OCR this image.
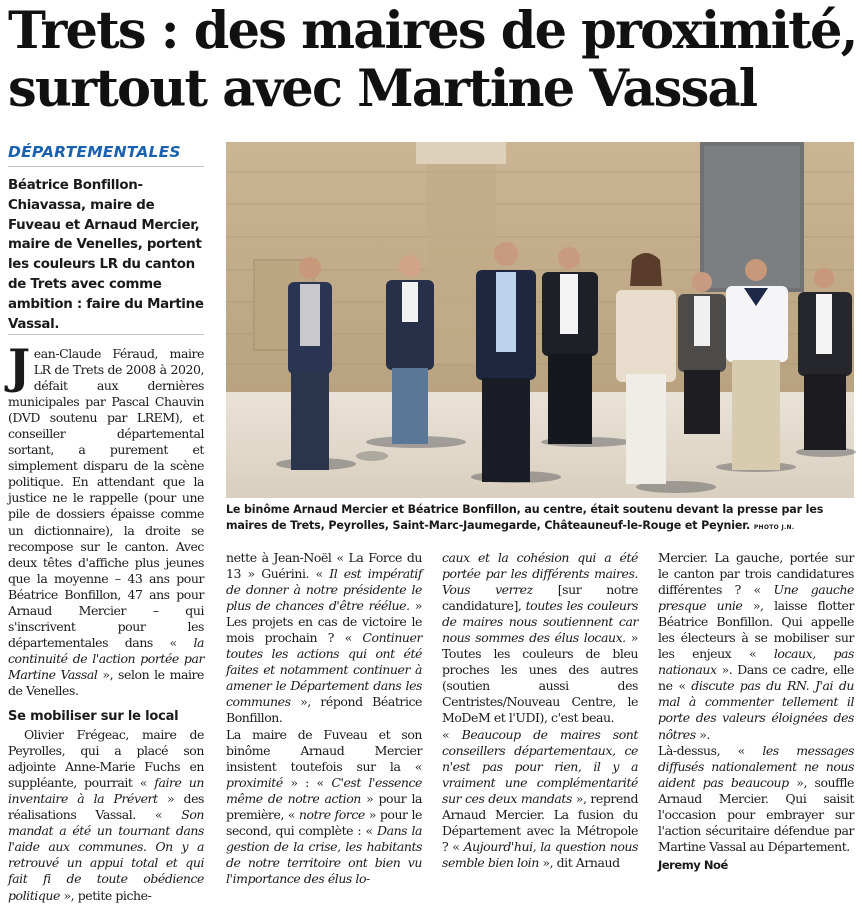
Trets : des maires de proximité,
surtout avec Martine Vassal
DÉPARTEMENTALES
Béatrice Bonfillon-Chiavassa, maire de Fuveau et Arnaud Mercier, maire de Venelles, portent les couleurs LR du canton de Trets avec comme ambition : faire du Martine Vassal.
Le binôme Arnaud Mercier et Béatrice Bonfillon, au centre, était soutenu devant la presse par les maires de Trets, Peyrolles, Saint-Marc-Jaumegarde, Châteauneuf-le-Rouge et Peynier. PHOTO J.N.

Jean-Claude Féraud, maire LR de Trets de 2008 à 2020, défait aux dernières municipales par Pascal Chauvin (DVD soutenu par LREM), et conseiller départemental sortant, a purement et simplement disparu de la scène politique. En attendant que la justice ne le rappelle (pour une pile de dossiers épaisse comme un dictionnaire), la droite se recompose sur le canton. Avec deux têtes d'affiche plus jeunes que la moyenne – 43 ans pour Béatrice Bonfillon, 47 ans pour Arnaud Mercier – qui s'inscrivent pour les départementales dans « la continuité de l'action portée par Martine Vassal », selon le maire de Venelles.

Se mobiliser sur le local

Olivier Frégeac, maire de Peyrolles, qui a placé son adjointe Anne-Marie Fuchs en suppléante, pourrait « faire un inventaire à la Prévert » des réalisations Vassal. « Son mandat a été un tournant dans l'aide aux communes. On y a retrouvé un appui total et qui fait fi de toute obédience politique », petite piche-

nette à Jean-Noël « La Force du 13 » Guérini. « Il est impératif de donner à notre présidente le plus de chances d'être réélue. » Les projets en cas de victoire le mois prochain ? « Continuer toutes les actions qui ont été faites et notamment continuer à amener le Département dans les communes », répond Béatrice Bonfillon.

La maire de Fuveau et son binôme Arnaud Mercier insistent toutefois sur la « proximité » : « C'est l'essence même de notre action » pour la première, « notre force » pour le second, qui complète : « Dans la gestion de la crise, les habitants de notre territoire ont bien vu l'importance des élus lo-

caux et la cohésion qui a été portée par les différents maires. Vous verrez [sur notre candidature], toutes les couleurs de maires nous soutiennent car nous sommes des élus locaux. » Toutes les couleurs de bleu proches les unes des autres (soutien aussi des Centristes/Nouveau Centre, le MoDeM et l'UDI), c'est beau.

« Beaucoup de maires sont conseillers départementaux, ce n'est pas pour rien, il y a vraiment une complémentarité sur ces deux mandats », reprend Arnaud Mercier. La fusion du Département avec la Métropole ? « Aujourd'hui, la question nous semble bien loin », dit Arnaud

Mercier. La gauche, portée sur le canton par trois candidatures différentes ? « Une gauche presque unie », laisse flotter Béatrice Bonfillon. Qui appelle les électeurs à se mobiliser sur les enjeux « locaux, pas nationaux ». Dans ce cadre, elle ne « discute pas du RN. J'ai du mal à commenter tellement il porte des valeurs éloignées des nôtres ».

Là-dessus, « les messages diffusés nationalement ne nous aident pas beaucoup », souffle Arnaud Mercier. Qui saisit l'occasion pour embrayer sur l'action sécuritaire défendue par Martine Vassal au Département.

Jeremy Noé
